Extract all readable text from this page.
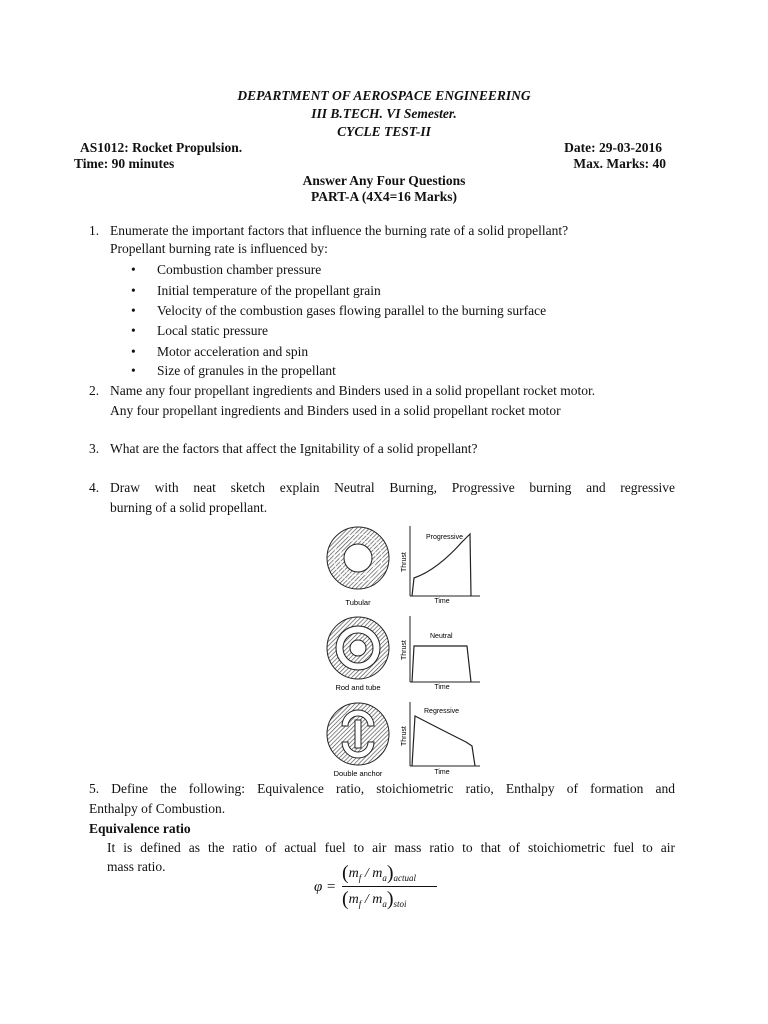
DEPARTMENT OF AEROSPACE ENGINEERING
III B.TECH. VI Semester.
CYCLE TEST-II
AS1012: Rocket Propulsion.	Date: 29-03-2016
Time: 90 minutes	Max. Marks: 40
Answer Any Four Questions
PART-A (4X4=16 Marks)
1. Enumerate the important factors that influence the burning rate of a solid propellant?
Propellant burning rate is influenced by:
• Combustion chamber pressure
• Initial temperature of the propellant grain
• Velocity of the combustion gases flowing parallel to the burning surface
• Local static pressure
• Motor acceleration and spin
• Size of granules in the propellant
2. Name any four propellant ingredients and Binders used in a solid propellant rocket motor.
Any four propellant ingredients and Binders used in a solid propellant rocket motor
3. What are the factors that affect the Ignitability of a solid propellant?
4. Draw with neat sketch explain Neutral Burning, Progressive burning and regressive
burning of a solid propellant.
Tubular
Progressive
Thrust
Time
Rod and tube
Neutral
Thrust
Time
Double anchor
Regressive
Thrust
Time
5. Define the following: Equivalence ratio, stoichiometric ratio, Enthalpy of formation and
Enthalpy of Combustion.
Equivalence ratio
It is defined as the ratio of actual fuel to air mass ratio to that of stoichiometric fuel to air
mass ratio.
φ =
$(m_f / m_a)_{actual}$
$(m_f / m_a)_{stoi}$
